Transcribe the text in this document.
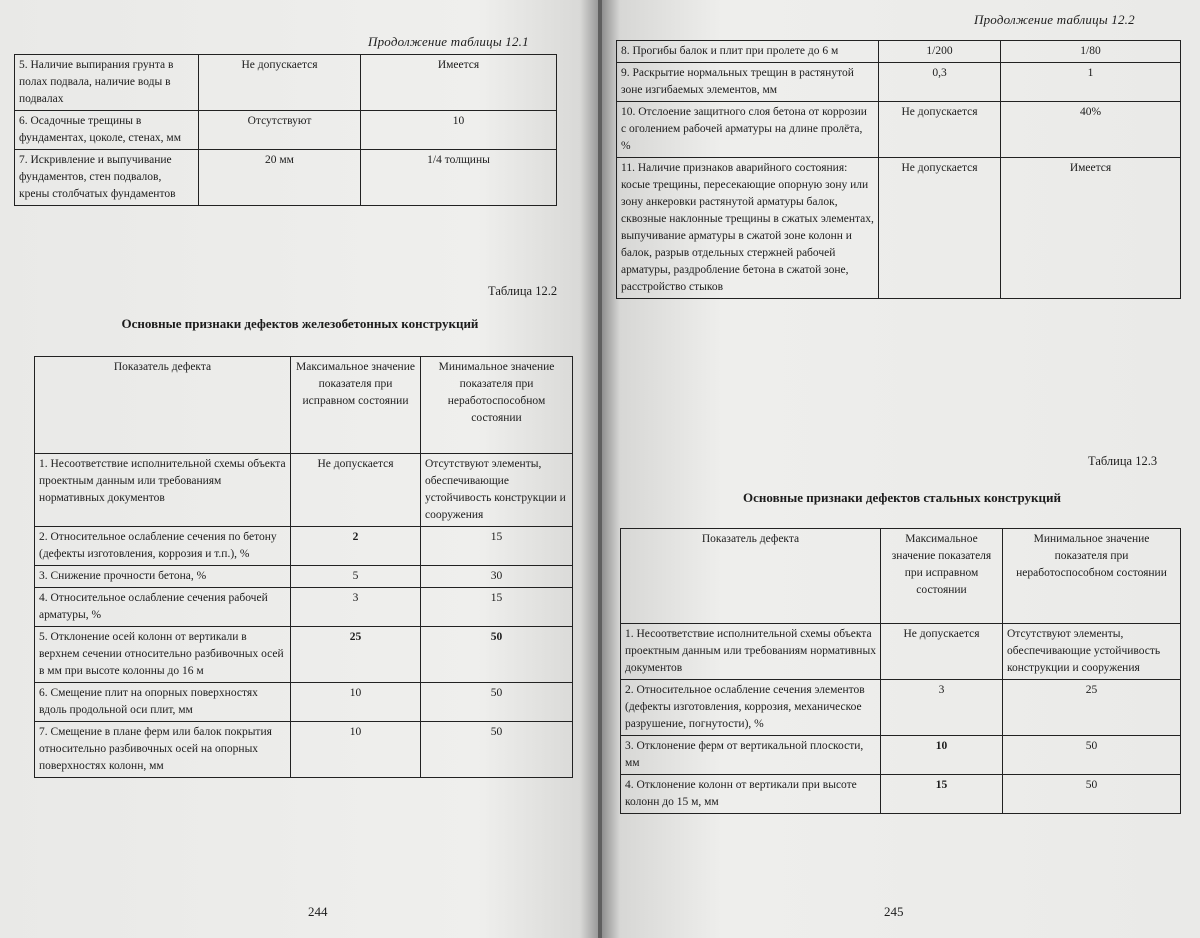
Продолжение таблицы 12.1
5. Наличие выпирания грунта в полах подвала, наличие воды в подвалах	Не допускается	Имеется
6. Осадочные трещины в фундаментах, цоколе, стенах, мм	Отсутствуют	10
7. Искривление и выпучивание фундаментов, стен подвалов, крены столбчатых фундаментов	20 мм	1/4 толщины
Таблица 12.2
Основные признаки дефектов железобетонных конструкций
Показатель дефекта	Максимальное значение показателя при исправном состоянии	Минимальное значение показателя при неработоспособном состоянии
1. Несоответствие исполнительной схемы объекта проектным данным или требованиям нормативных документов	Не допускается	Отсутствуют элементы, обеспечивающие устойчивость конструкции и сооружения
2. Относительное ослабление сечения по бетону (дефекты изготовления, коррозия и т.п.), %	2	15
3. Снижение прочности бетона, %	5	30
4. Относительное ослабление сечения рабочей арматуры, %	3	15
5. Отклонение осей колонн от вертикали в верхнем сечении относительно разбивочных осей в мм при высоте колонны до 16 м	25	50
6. Смещение плит на опорных поверхностях вдоль продольной оси плит, мм	10	50
7. Смещение в плане ферм или балок покрытия относительно разбивочных осей на опорных поверхностях колонн, мм	10	50
244
Продолжение таблицы 12.2
8. Прогибы балок и плит при пролете до 6 м	1/200	1/80
9. Раскрытие нормальных трещин в растянутой зоне изгибаемых элементов, мм	0,3	1
10. Отслоение защитного слоя бетона от коррозии с оголением рабочей арматуры на длине пролёта, %	Не допускается	40%
11. Наличие признаков аварийного состояния: косые трещины, пересекающие опорную зону или зону анкеровки растянутой арматуры балок, сквозные наклонные трещины в сжатых элементах, выпучивание арматуры в сжатой зоне колонн и балок, разрыв отдельных стержней рабочей арматуры, раздробление бетона в сжатой зоне, расстройство стыков	Не допускается	Имеется
Таблица 12.3
Основные признаки дефектов стальных конструкций
Показатель дефекта	Максимальное значение показателя при исправном состоянии	Минимальное значение показателя при неработоспособном состоянии
1. Несоответствие исполнительной схемы объекта проектным данным или требованиям нормативных документов	Не допускается	Отсутствуют элементы, обеспечивающие устойчивость конструкции и сооружения
2. Относительное ослабление сечения элементов (дефекты изготовления, коррозия, механическое разрушение, погнутости), %	3	25
3. Отклонение ферм от вертикальной плоскости, мм	10	50
4. Отклонение колонн от вертикали при высоте колонн до 15 м, мм	15	50
245
